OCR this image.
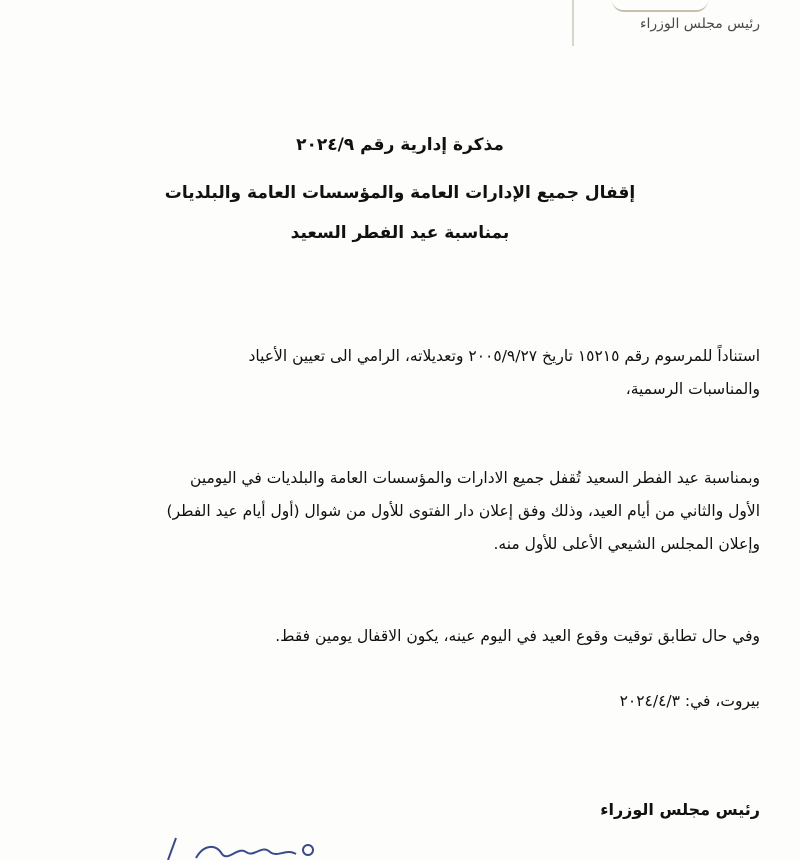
رئيس مجلس الوزراء
مذكرة إدارية رقم ٢٠٢٤/٩
إقفال جميع الإدارات العامة والمؤسسات العامة والبلديات
بمناسبة عيد الفطر السعيد
استناداً للمرسوم رقم ١٥٢١٥ تاريخ ٢٠٠٥/٩/٢٧ وتعديلاته، الرامي الى تعيين الأعياد
والمناسبات الرسمية،
وبمناسبة عيد الفطر السعيد تُقفل جميع الادارات والمؤسسات العامة والبلديات في اليومين
الأول والثاني من أيام العيد، وذلك وفق إعلان دار الفتوى للأول من شوال (أول أيام عيد الفطر)
وإعلان المجلس الشيعي الأعلى للأول منه.
وفي حال تطابق توقيت وقوع العيد في اليوم عينه، يكون الاقفال يومين فقط.
بيروت، في: ٢٠٢٤/٤/٣
رئيس مجلس الوزراء
